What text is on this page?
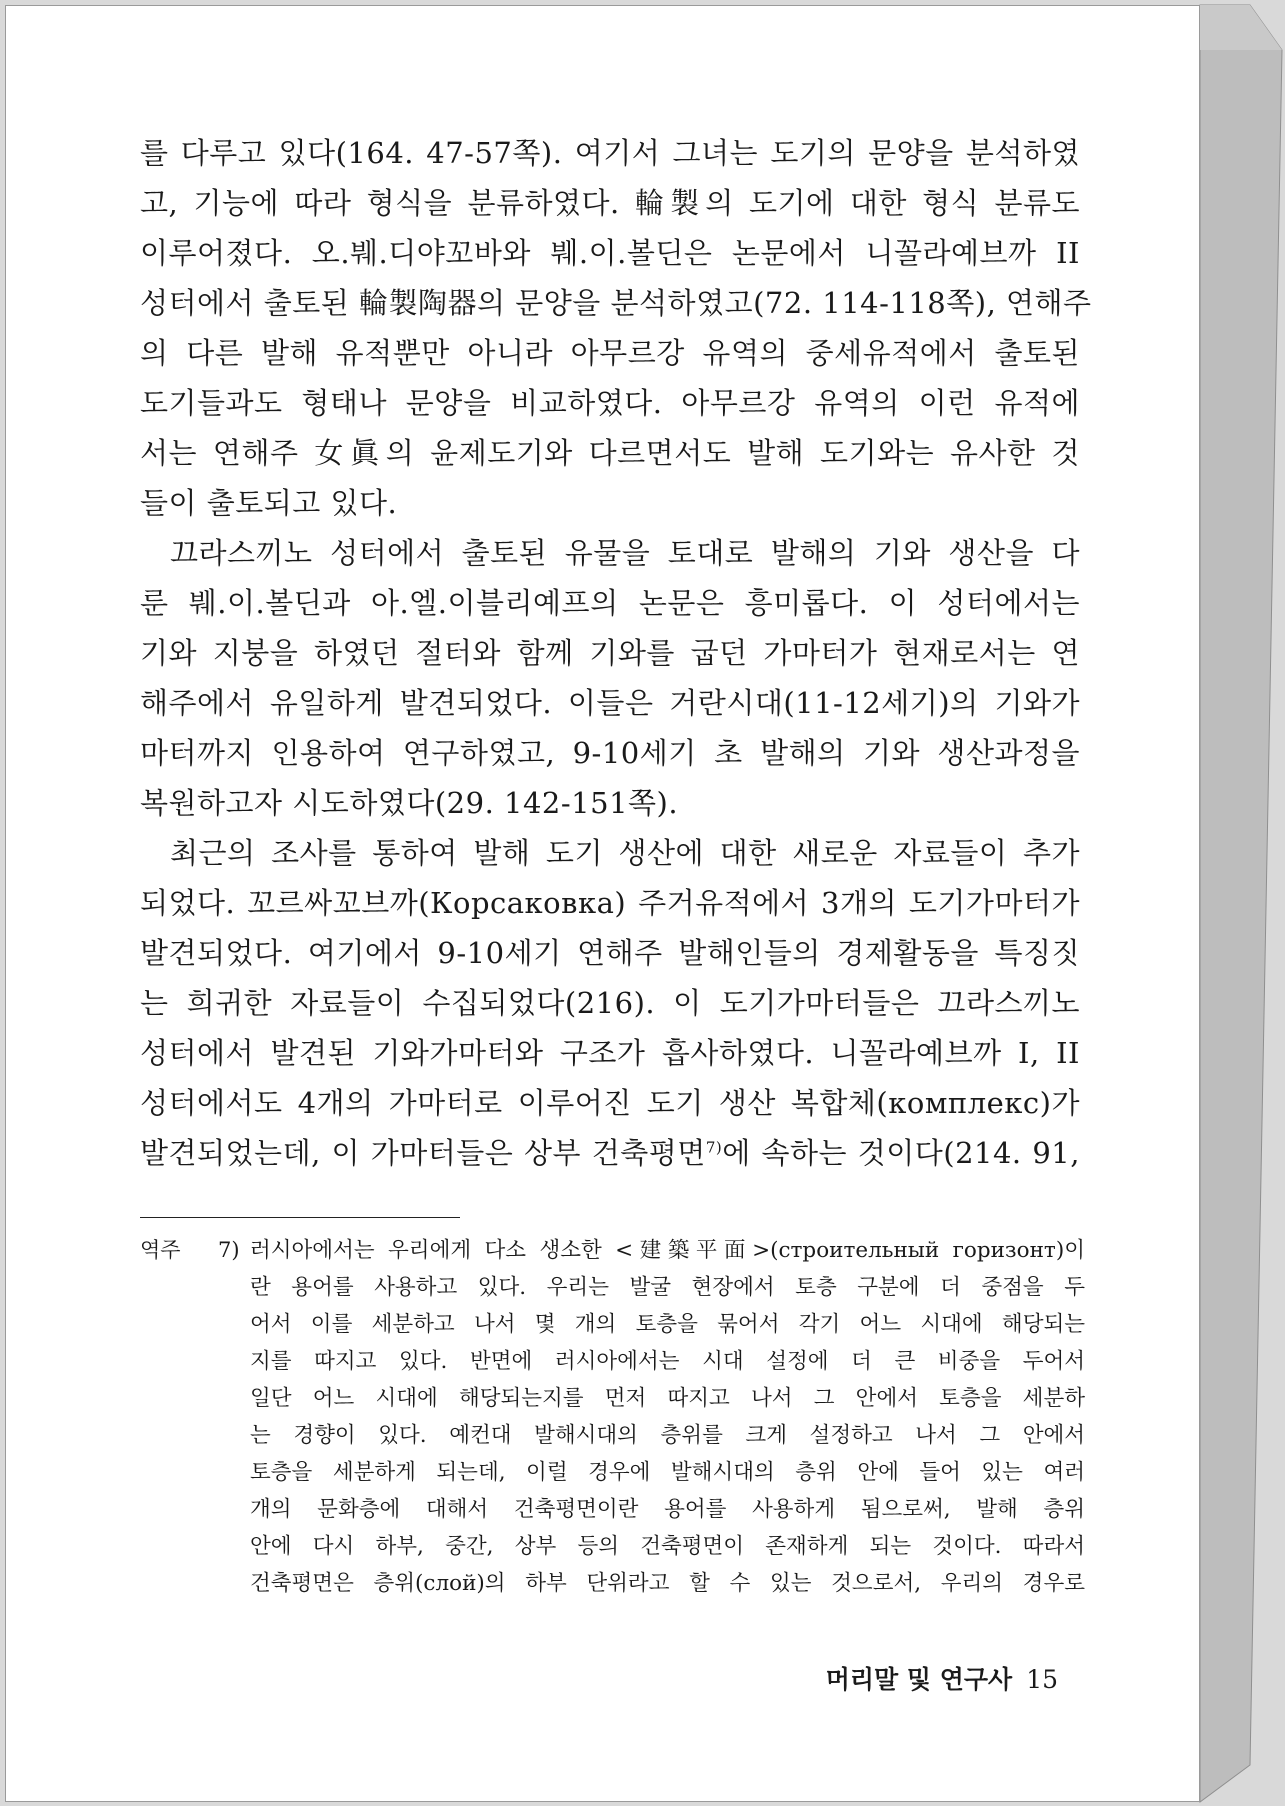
를 다루고 있다(164. 47-57쪽). 여기서 그녀는 도기의 문양을 분석하였
고, 기능에 따라 형식을 분류하였다. 輪製의 도기에 대한 형식 분류도
이루어졌다. 오.붸.디야꼬바와 붸.이.볼딘은 논문에서 니꼴라예브까 II
성터에서 출토된 輪製陶器의 문양을 분석하였고(72. 114-118쪽), 연해주
의 다른 발해 유적뿐만 아니라 아무르강 유역의 중세유적에서 출토된
도기들과도 형태나 문양을 비교하였다. 아무르강 유역의 이런 유적에
서는 연해주 女眞의 윤제도기와 다르면서도 발해 도기와는 유사한 것
들이 출토되고 있다.
끄라스끼노 성터에서 출토된 유물을 토대로 발해의 기와 생산을 다
룬 붸.이.볼딘과 아.엘.이블리예프의 논문은 흥미롭다. 이 성터에서는
기와 지붕을 하였던 절터와 함께 기와를 굽던 가마터가 현재로서는 연
해주에서 유일하게 발견되었다. 이들은 거란시대(11-12세기)의 기와가
마터까지 인용하여 연구하였고, 9-10세기 초 발해의 기와 생산과정을
복원하고자 시도하였다(29. 142-151쪽).
최근의 조사를 통하여 발해 도기 생산에 대한 새로운 자료들이 추가
되었다. 꼬르싸꼬브까(Корсаковка) 주거유적에서 3개의 도기가마터가
발견되었다. 여기에서 9-10세기 연해주 발해인들의 경제활동을 특징짓
는 희귀한 자료들이 수집되었다(216). 이 도기가마터들은 끄라스끼노
성터에서 발견된 기와가마터와 구조가 흡사하였다. 니꼴라예브까 I, II
성터에서도 4개의 가마터로 이루어진 도기 생산 복합체(комплекс)가
발견되었는데, 이 가마터들은 상부 건축평면$^{7)}$에 속하는 것이다(214. 91,
역주 7) 러시아에서는 우리에게 다소 생소한 <建築平面>(строительный горизонт)이
란 용어를 사용하고 있다. 우리는 발굴 현장에서 토층 구분에 더 중점을 두
어서 이를 세분하고 나서 몇 개의 토층을 묶어서 각기 어느 시대에 해당되는
지를 따지고 있다. 반면에 러시아에서는 시대 설정에 더 큰 비중을 두어서
일단 어느 시대에 해당되는지를 먼저 따지고 나서 그 안에서 토층을 세분하
는 경향이 있다. 예컨대 발해시대의 층위를 크게 설정하고 나서 그 안에서
토층을 세분하게 되는데, 이럴 경우에 발해시대의 층위 안에 들어 있는 여러
개의 문화층에 대해서 건축평면이란 용어를 사용하게 됨으로써, 발해 층위
안에 다시 하부, 중간, 상부 등의 건축평면이 존재하게 되는 것이다. 따라서
건축평면은 층위(слой)의 하부 단위라고 할 수 있는 것으로서, 우리의 경우로
머리말 및 연구사 15
